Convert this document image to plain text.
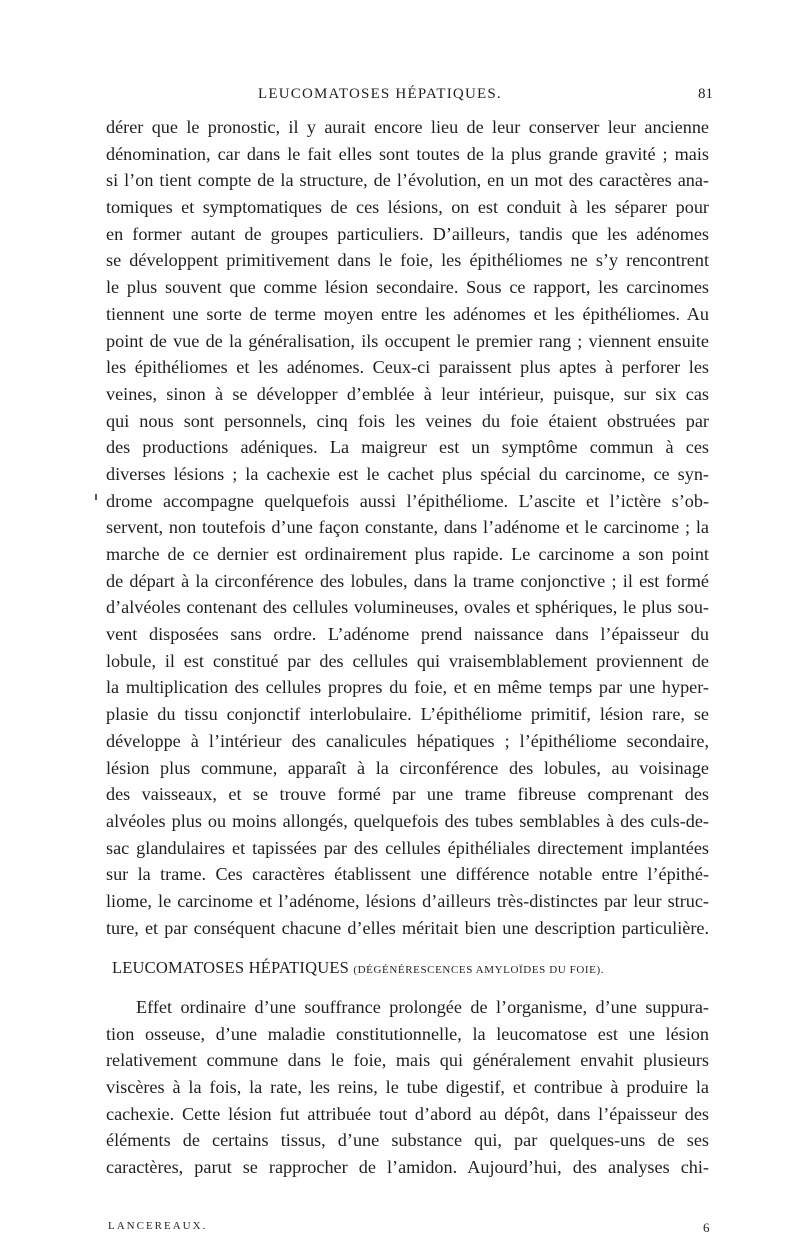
LEUCOMATOSES HÉPATIQUES.	81
dérer que le pronostic, il y aurait encore lieu de leur conserver leur ancienne
dénomination, car dans le fait elles sont toutes de la plus grande gravité ; mais
si l’on tient compte de la structure, de l’évolution, en un mot des caractères ana-
tomiques et symptomatiques de ces lésions, on est conduit à les séparer pour
en former autant de groupes particuliers. D’ailleurs, tandis que les adénomes
se développent primitivement dans le foie, les épithéliomes ne s’y rencontrent
le plus souvent que comme lésion secondaire. Sous ce rapport, les carcinomes
tiennent une sorte de terme moyen entre les adénomes et les épithéliomes. Au
point de vue de la généralisation, ils occupent le premier rang ; viennent ensuite
les épithéliomes et les adénomes. Ceux-ci paraissent plus aptes à perforer les
veines, sinon à se développer d’emblée à leur intérieur, puisque, sur six cas
qui nous sont personnels, cinq fois les veines du foie étaient obstruées par
des productions adéniques. La maigreur est un symptôme commun à ces
diverses lésions ; la cachexie est le cachet plus spécial du carcinome, ce syn-
drome accompagne quelquefois aussi l’épithéliome. L’ascite et l’ictère s’ob-
servent, non toutefois d’une façon constante, dans l’adénome et le carcinome ; la
marche de ce dernier est ordinairement plus rapide. Le carcinome a son point
de départ à la circonférence des lobules, dans la trame conjonctive ; il est formé
d’alvéoles contenant des cellules volumineuses, ovales et sphériques, le plus sou-
vent disposées sans ordre. L’adénome prend naissance dans l’épaisseur du
lobule, il est constitué par des cellules qui vraisemblablement proviennent de
la multiplication des cellules propres du foie, et en même temps par une hyper-
plasie du tissu conjonctif interlobulaire. L’épithéliome primitif, lésion rare, se
développe à l’intérieur des canalicules hépatiques ; l’épithéliome secondaire,
lésion plus commune, apparaît à la circonférence des lobules, au voisinage
des vaisseaux, et se trouve formé par une trame fibreuse comprenant des
alvéoles plus ou moins allongés, quelquefois des tubes semblables à des culs-de-
sac glandulaires et tapissées par des cellules épithéliales directement implantées
sur la trame. Ces caractères établissent une différence notable entre l’épithé-
liome, le carcinome et l’adénome, lésions d’ailleurs très-distinctes par leur struc-
ture, et par conséquent chacune d’elles méritait bien une description particulière.
LEUCOMATOSES HÉPATIQUES (DÉGÉNÉRESCENCES AMYLOÏDES DU FOIE).
Effet ordinaire d’une souffrance prolongée de l’organisme, d’une suppura-
tion osseuse, d’une maladie constitutionnelle, la leucomatose est une lésion
relativement commune dans le foie, mais qui généralement envahit plusieurs
viscères à la fois, la rate, les reins, le tube digestif, et contribue à produire la
cachexie. Cette lésion fut attribuée tout d’abord au dépôt, dans l’épaisseur des
éléments de certains tissus, d’une substance qui, par quelques-uns de ses
caractères, parut se rapprocher de l’amidon. Aujourd’hui, des analyses chi-
LANCEREAUX.	6
